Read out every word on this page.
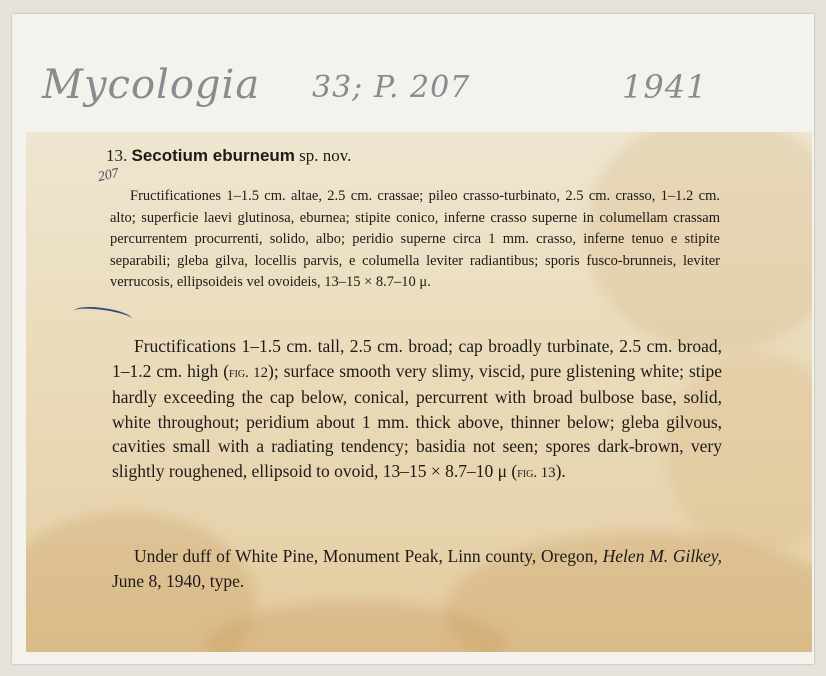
Mycologia 33; P. 207	1941
13. Secotium eburneum sp. nov.
207

Fructificationes 1–1.5 cm. altae, 2.5 cm. crassae; pileo crasso-turbinato, 2.5 cm. crasso, 1–1.2 cm. alto; superficie laevi glutinosa, eburnea; stipite conico, inferne crasso superne in columellam crassam percurrentem procurrenti, solido, albo; peridio superne circa 1 mm. crasso, inferne tenuo e stipite separabili; gleba gilva, locellis parvis, e columella leviter radiantibus; sporis fusco-brunneis, leviter verrucosis, ellipsoideis vel ovoideis, 13–15 × 8.7–10 μ.

Fructifications 1–1.5 cm. tall, 2.5 cm. broad; cap broadly turbinate, 2.5 cm. broad, 1–1.2 cm. high (fig. 12); surface smooth very slimy, viscid, pure glistening white; stipe hardly exceeding the cap below, conical, percurrent with broad bulbose base, solid, white throughout; peridium about 1 mm. thick above, thinner below; gleba gilvous, cavities small with a radiating tendency; basidia not seen; spores dark-brown, very slightly roughened, ellipsoid to ovoid, 13–15 × 8.7–10 μ (fig. 13).

Under duff of White Pine, Monument Peak, Linn county, Oregon, Helen M. Gilkey, June 8, 1940, type.
